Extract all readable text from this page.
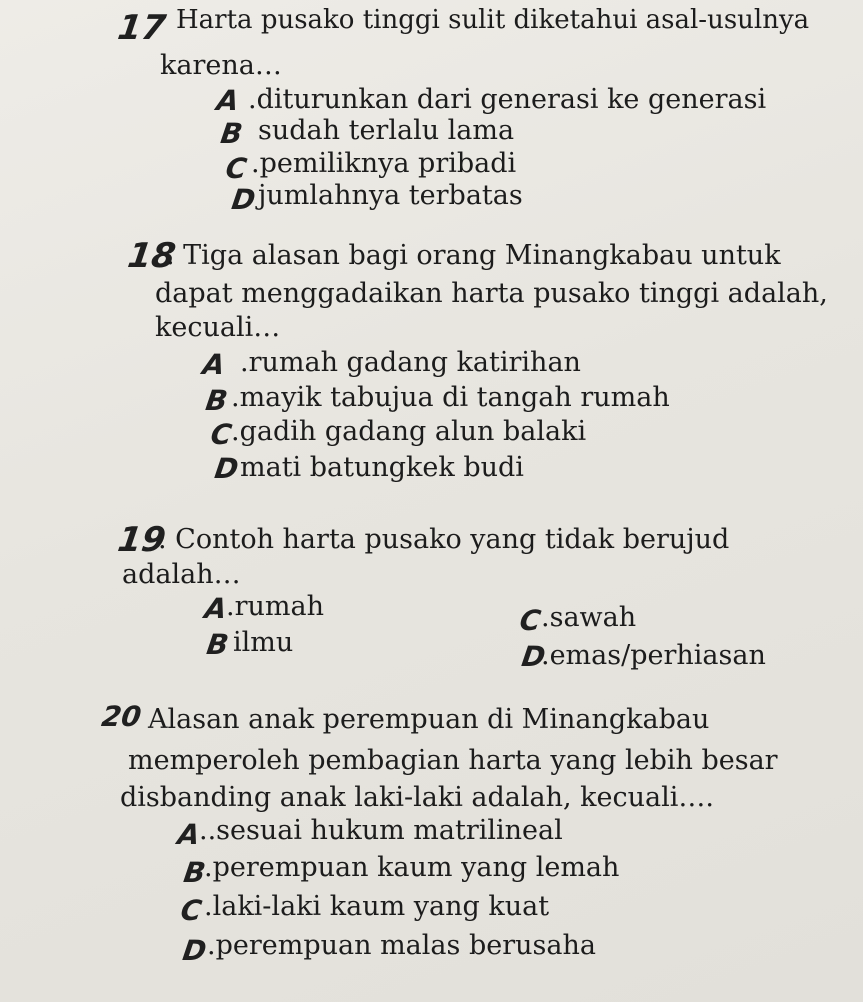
17 Harta pusako tinggi sulit diketahui asal-usulnya
karena…
A .diturunkan dari generasi ke generasi
B sudah terlalu lama
C .pemiliknya pribadi
D jumlahnya terbatas
18
. Tiga alasan bagi orang Minangkabau untuk
dapat menggadaikan harta pusako tinggi adalah,
kecuali…
A .rumah gadang katirihan
B .mayik tabujua di tangah rumah
C
.gadih gadang alun balaki
D mati batungkek budi
19
. Contoh harta pusako yang tidak berujud
adalah…
A
.rumah	C
.sawah
B ilmu	D
.emas/perhiasan
20 Alasan anak perempuan di Minangkabau
memperoleh pembagian harta yang lebih besar
disbanding anak laki-laki adalah, kecuali….
A
..sesuai hukum matrilineal
B
.perempuan kaum yang lemah
C .laki-laki kaum yang kuat
D
.perempuan malas berusaha
